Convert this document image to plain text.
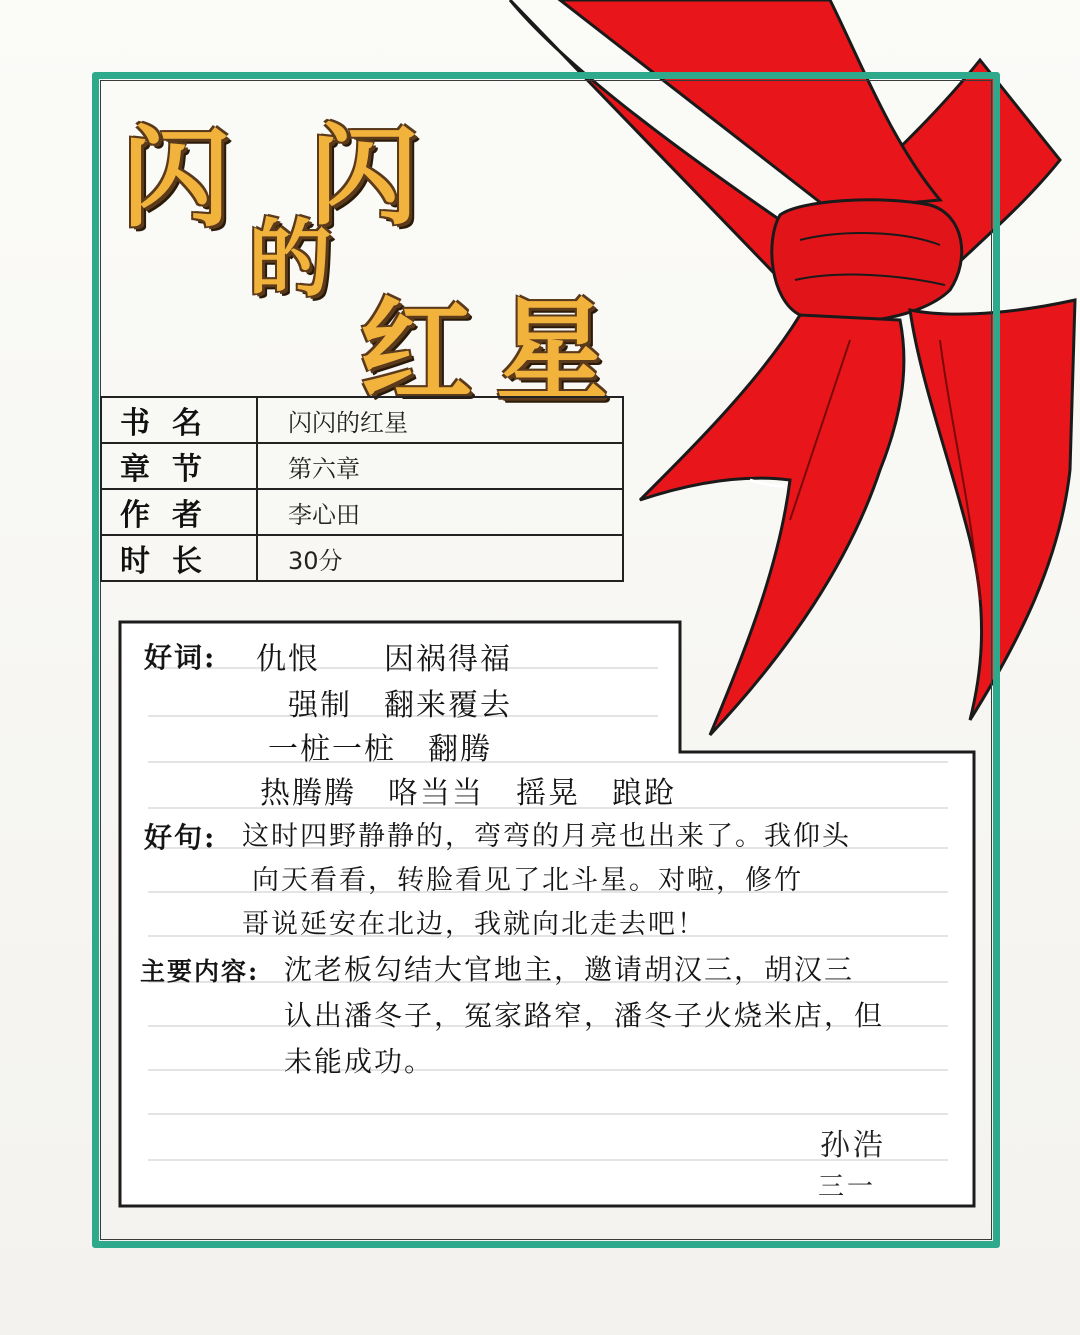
闪 闪
的
红 星
书名	闪闪的红星
章节	第六章
作者	李心田
时长	30分
好词: 仇恨　　因祸得福
强制　翻来覆去
一桩一桩　翻腾
热腾腾　咯当当　摇晃　踉跄
好句: 这时四野静静的，弯弯的月亮也出来了。我仰头
向天看看，转脸看见了北斗星。对啦，修竹
哥说延安在北边，我就向北走去吧！
主要内容: 沈老板勾结大官地主，邀请胡汉三，胡汉三
认出潘冬子，冤家路窄，潘冬子火烧米店，但
未能成功。
孙浩
三一
